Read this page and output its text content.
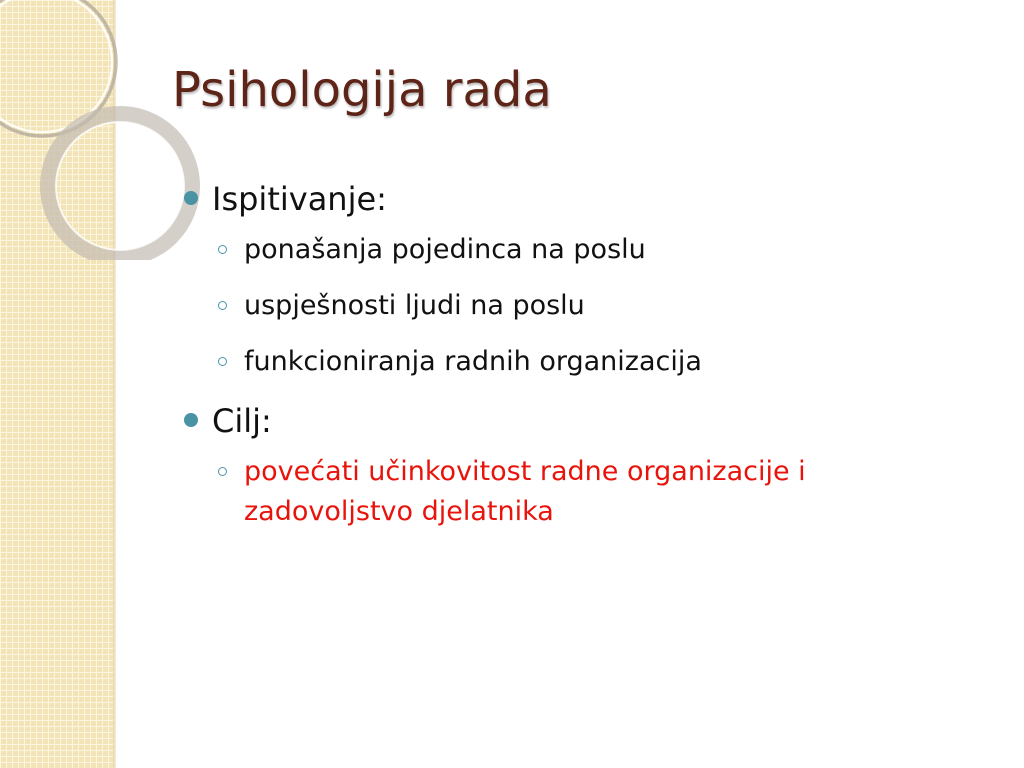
Psihologija rada
Ispitivanje:
ponašanja pojedinca na poslu
uspješnosti ljudi na poslu
funkcioniranja radnih organizacija
Cilj:
povećati učinkovitost radne organizacije i zadovoljstvo djelatnika
